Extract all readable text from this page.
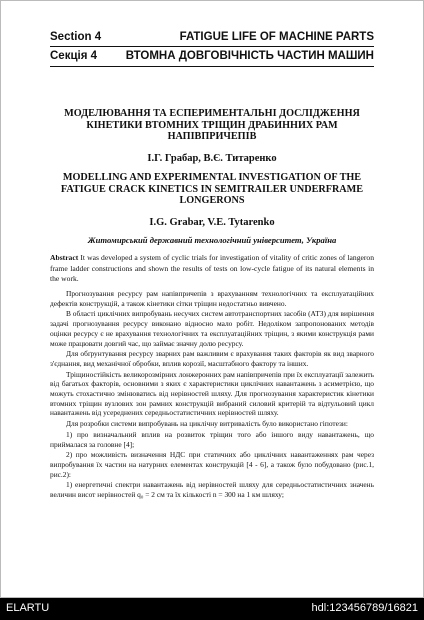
Section 4	FATIGUE LIFE OF MACHINE PARTS
Секція 4	ВТОМНА ДОВГОВІЧНІСТЬ ЧАСТИН МАШИН
МОДЕЛЮВАННЯ ТА ЕСПЕРИМЕНТАЛЬНІ ДОСЛІДЖЕННЯ КІНЕТИКИ ВТОМНИХ ТРІЩИН ДРАБИННИХ РАМ НАПІВПРИЧЕПІВ
І.Г. Грабар, В.Є. Титаренко
MODELLING AND EXPERIMENTAL INVESTIGATION OF THE FATIGUE CRACK KINETICS IN SEMITRAILER UNDERFRAME LONGERONS
I.G. Grabar, V.E. Tytarenko
Житомирський державний технологічний університет, Україна
Abstract It was developed a system of cyclic trials for investigation of vitality of critic zones of langeron frame ladder constructions and shown the results of tests on low-cycle fatigue of its natural elements in the work.

Прогнозування ресурсу рам напівпричепів з врахуванням технологічних та експлуатаційних дефектів конструкцій, а також кінетики сітки тріщин недостатньо вивчено.

В області циклічних випробувань несучих систем автотранспортних засобів (АТЗ) для вирішення задачі прогнозування ресурсу виконано відносно мало робіт. Недоліком запропонованих методів оцінки ресурсу є не врахування технологічних та експлуатаційних тріщин, з якими конструкція рами може працювати довгий час, що займає значну долю ресурсу.

Для обґрунтування ресурсу зварних рам важливим є врахування таких факторів як вид зварного з'єднання, вид механічної обробки, вплив корозії, масштабного фактору та інших.

Тріщиностійкість великорозмірних лонжеронних рам напівпричепів при їх експлуатації залежить від багатьох факторів, основними з яких є характеристики циклічних навантажень з асиметрією, що можуть стохастично змінюватись від нерівностей шляху. Для прогнозування характеристик кінетики втомних тріщин вузлових зон рамних конструкцій вибраний силовий критерій та відтульовий цикл навантажень від усереднених середньостатистичних нерівностей шляху.

Для розробки системи випробувань на циклічну витривалість було використано гіпотези:

1) про визначальний вплив на розвиток тріщин того або іншого виду навантажень, що приймалася за головне [4];

2) про можливість визначення НДС при статичних або циклічних навантаженнях рам через випробування їх частин на натурних елементах конструкцій [4 - 6], а також було побудовано (рис.1, рис.2):

1) енергетичні спектри навантажень від нерівностей шляху для середньостатистичних значень величин висот нерівностей q₀ = 2 см та їх кількості n = 300 на 1 км шляху;

ELARTU	hdl:123456789/16821
